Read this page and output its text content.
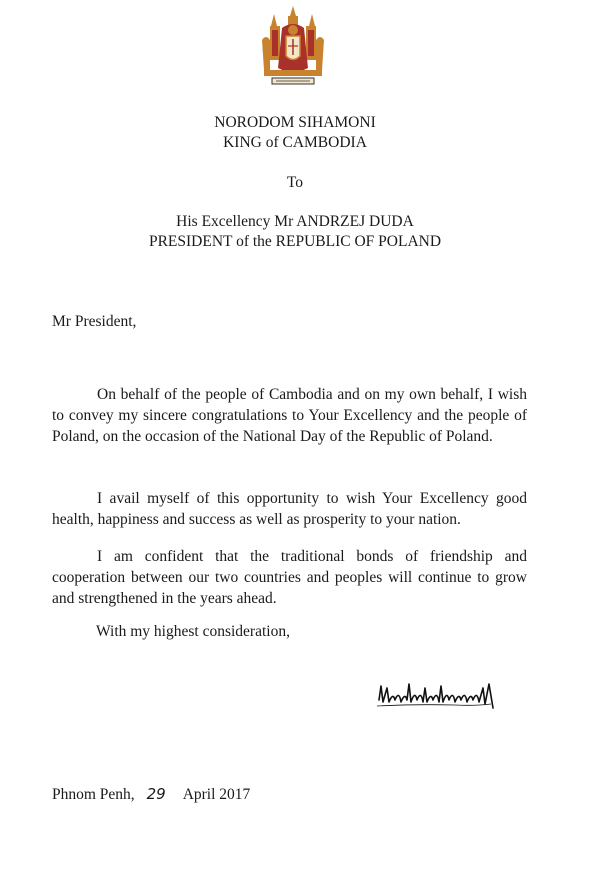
NORODOM SIHAMONI
KING of CAMBODIA
To
His Excellency Mr ANDRZEJ DUDA
PRESIDENT of the REPUBLIC OF POLAND
Mr President,
On behalf of the people of Cambodia and on my own behalf, I wish to convey my sincere congratulations to Your Excellency and the people of Poland, on the occasion of the National Day of the Republic of Poland.
I avail myself of this opportunity to wish Your Excellency good health, happiness and success as well as prosperity to your nation.
I am confident that the traditional bonds of friendship and cooperation between our two countries and peoples will continue to grow and strengthened in the years ahead.
With my highest consideration,
Phnom Penh, 29 April 2017
